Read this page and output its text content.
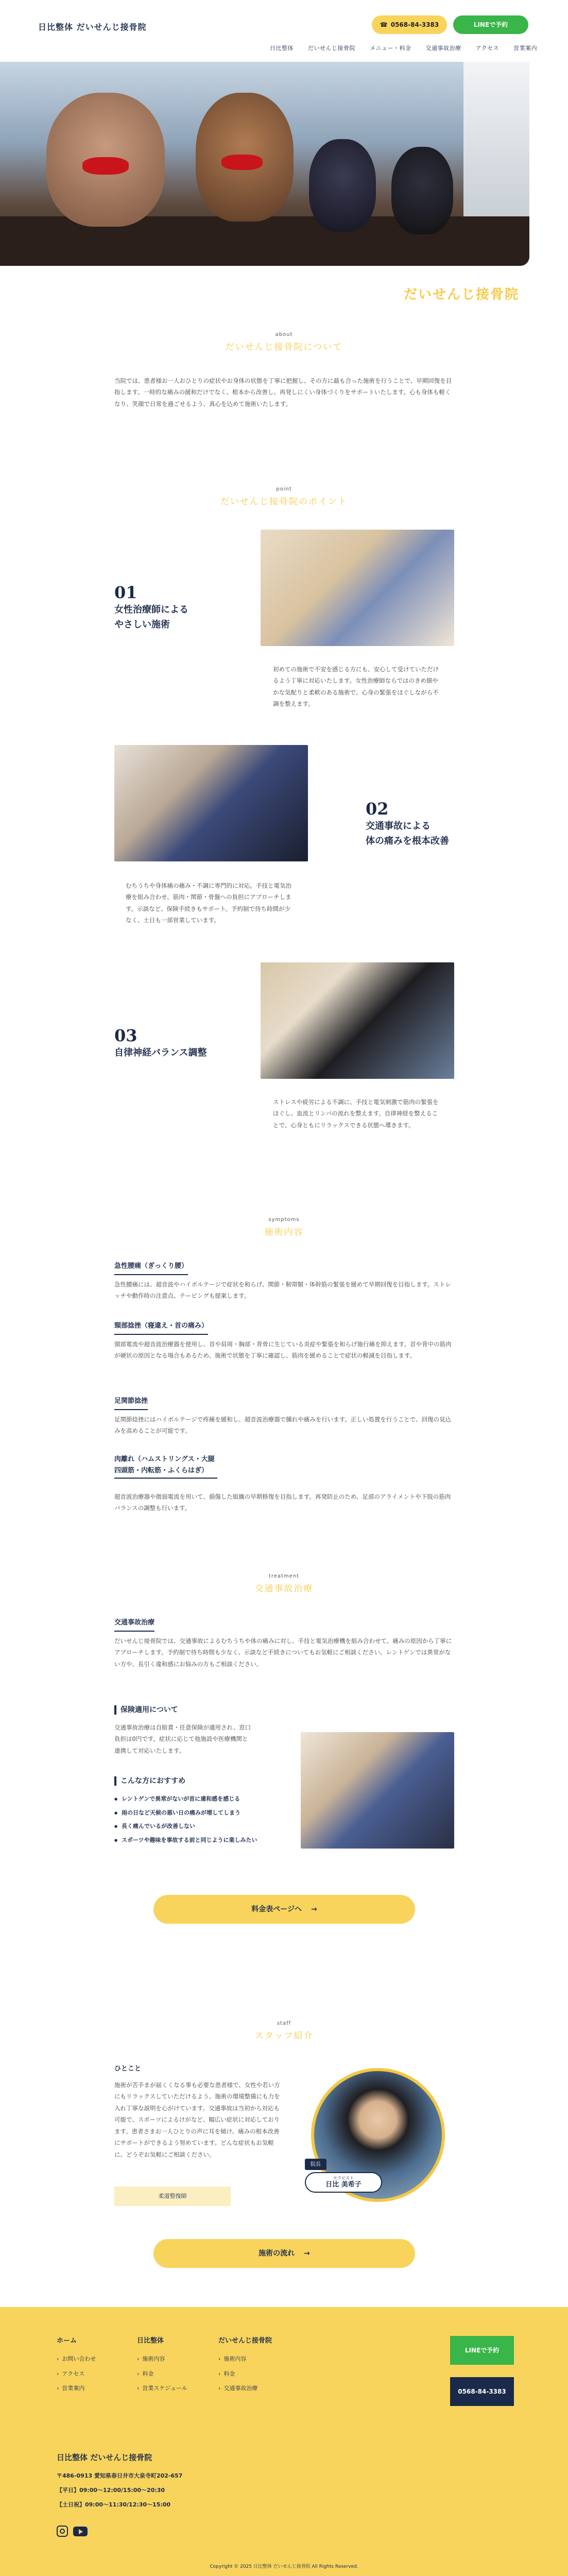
日比整体 だいせんじ接骨院	☎ 0568-84-3383	LINEで予約
日比整体	だいせんじ接骨院	メニュー・料金	交通事故治療	アクセス	営業案内
だいせんじ接骨院
about
だいせんじ接骨院について
当院では、患者様お一人おひとりの症状やお身体の状態を丁寧に把握し、その方に最も合った施術を行うことで、早期回復を目指します。一時的な痛みの緩和だけでなく、根本から改善し、再発しにくい身体づくりをサポートいたします。心も身体も軽くなり、笑顔で日常を過ごせるよう、真心を込めて施術いたします。
point
だいせんじ接骨院のポイント
01
女性治療師による
やさしい施術
初めての施術で不安を感じる方にも、安心して受けていただけるよう丁寧に対応いたします。女性治療師ならではのきめ細やかな気配りと柔軟のある施術で、心身の緊張をほぐしながら不調を整えます。
02
交通事故による
体の痛みを根本改善
むちうちや身体痛の痛み・不調に専門的に対応。手技と電気治療を組み合わせ、筋肉・関節・骨盤への負担にアプローチします。示談など、保険手続きもサポート。予約制で待ち時間が少なく、土日も一部営業しています。
03
自律神経バランス調整
ストレスや疲労による不調に、手技と電気刺激で筋肉の緊張をほぐし、血流とリンパの流れを整えます。自律神経を整えることで、心身ともにリラックスできる状態へ導きます。
symptoms
施術内容
急性腰痛（ぎっくり腰）
急性腰痛には、超音波やハイボルテージで症状を和らげ、関節・靭帯類・体幹筋の緊張を緩めて早期回復を目指します。ストレッチや動作時の注意点、テーピングも提案します。
頸部捻挫（寝違え・首の痛み）
頸部電流や超音波治療器を使用し、首や肩周・胸部・背骨に生じている炎症や緊張を和らげ施行痛を抑えます。首や背中の筋肉が硬状の原因となる場合もあるため、施術で状態を丁寧に確認し、筋肉を緩めることで症状の軽減を目指します。
足関節捻挫
足関節捻挫にはハイボルテージで疼痛を緩和し、超音波治療器で腫れや痛みを行います。正しい処置を行うことで、回復の見込みを高めることが可能です。
肉離れ（ハムストリングス・大腿四頭筋・内転筋・ふくらはぎ）
超音波治療器や微弱電流を用いて、損傷した組織の早期修復を目指します。再発防止のため、足部のアライメントや下肢の筋肉バランスの調整も行います。
treatment
交通事故治療
交通事故治療
だいせんじ接骨院では、交通事故によるむちうちや体の痛みに対し、手技と電気治療機を組み合わせて、痛みの原因から丁寧にアプローチします。予約制で待ち時間も少なく、示談など手続きについてもお気軽にご相談ください。レントゲンでは異常がない方や、長引く違和感にお悩みの方もご相談ください。
保険適用について
交通事故治療は自賠責・任意保険が適用され、窓口負担は0円です。症状に応じて他施設や医療機関と連携して対応いたします。
こんな方におすすめ
● レントゲンで異常がないが首に違和感を感じる
● 雨の日など天候の悪い日の痛みが増してしまう
● 長く痛んでいるが改善しない
● スポーツや趣味を事故する前と同じように楽しみたい
料金表ページへ →
staff
スタッフ紹介
ひとこと
施術が苦手まが届くくなる事も必要な患者様で、女性や若い方にもリラックスしていただけるよう、施術の環境整備にも力を入れ丁寧な説明を心がけています。交通事故は当初から対応も可能で、スポーツによるけがなど、幅広い症状に対応しております。患者さまお一人ひとりの声に耳を傾け、痛みの根本改善にサポートができるよう努めています。どんな症状もお気軽に、どうぞお気軽にご相談ください。
柔道整復師
院長
セラピスト
日比 美希子
施術の流れ →
ホーム
› お問い合わせ
› アクセス
› 営業案内
日比整体
› 施術内容
› 料金
› 営業スケジュール
だいせんじ接骨院
› 施術内容
› 料金
› 交通事故治療
LINEで予約
0568-84-3383
日比整体 だいせんじ接骨院
〒486-0913 愛知県春日井市大泉寺町202-657
【平日】09:00〜12:00/15:00〜20:30
【土日祝】09:00〜11:30/12:30〜15:00
Copyright © 2025 日比整体 だいせんじ接骨院 All Rights Reserved.
